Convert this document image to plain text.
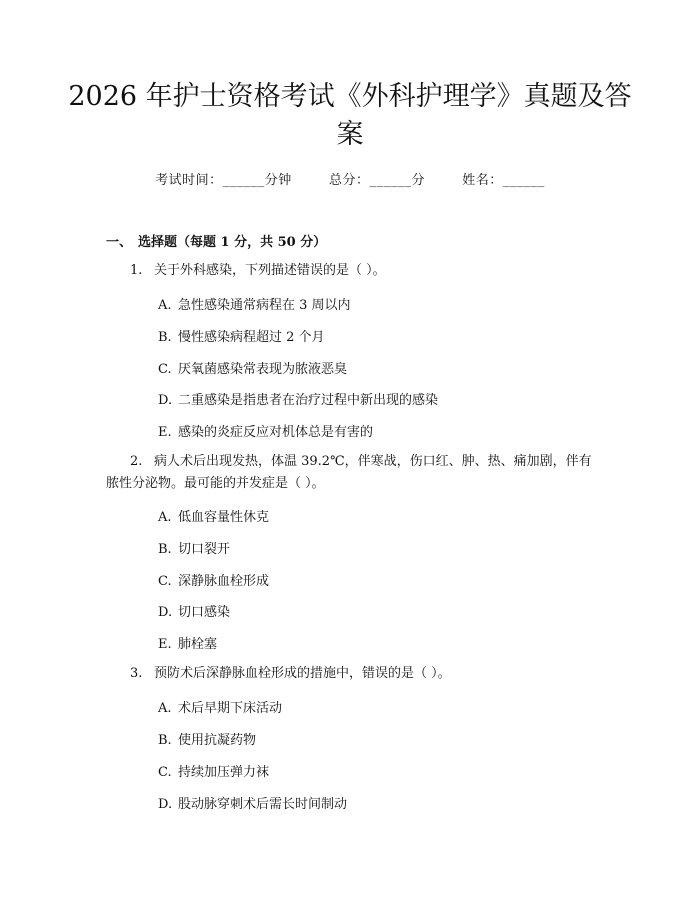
2026 年护士资格考试《外科护理学》真题及答案
考试时间：______分钟	总分：______分	姓名：______
一、 选择题（每题 1 分，共 50 分）
1. 关于外科感染，下列描述错误的是（ ）。
A. 急性感染通常病程在 3 周以内
B. 慢性感染病程超过 2 个月
C. 厌氧菌感染常表现为脓液恶臭
D. 二重感染是指患者在治疗过程中新出现的感染
E. 感染的炎症反应对机体总是有害的
2. 病人术后出现发热，体温 39.2℃，伴寒战，伤口红、肿、热、痛加剧，伴有脓性分泌物。最可能的并发症是（ ）。
A. 低血容量性休克
B. 切口裂开
C. 深静脉血栓形成
D. 切口感染
E. 肺栓塞
3. 预防术后深静脉血栓形成的措施中，错误的是（ ）。
A. 术后早期下床活动
B. 使用抗凝药物
C. 持续加压弹力袜
D. 股动脉穿刺术后需长时间制动
